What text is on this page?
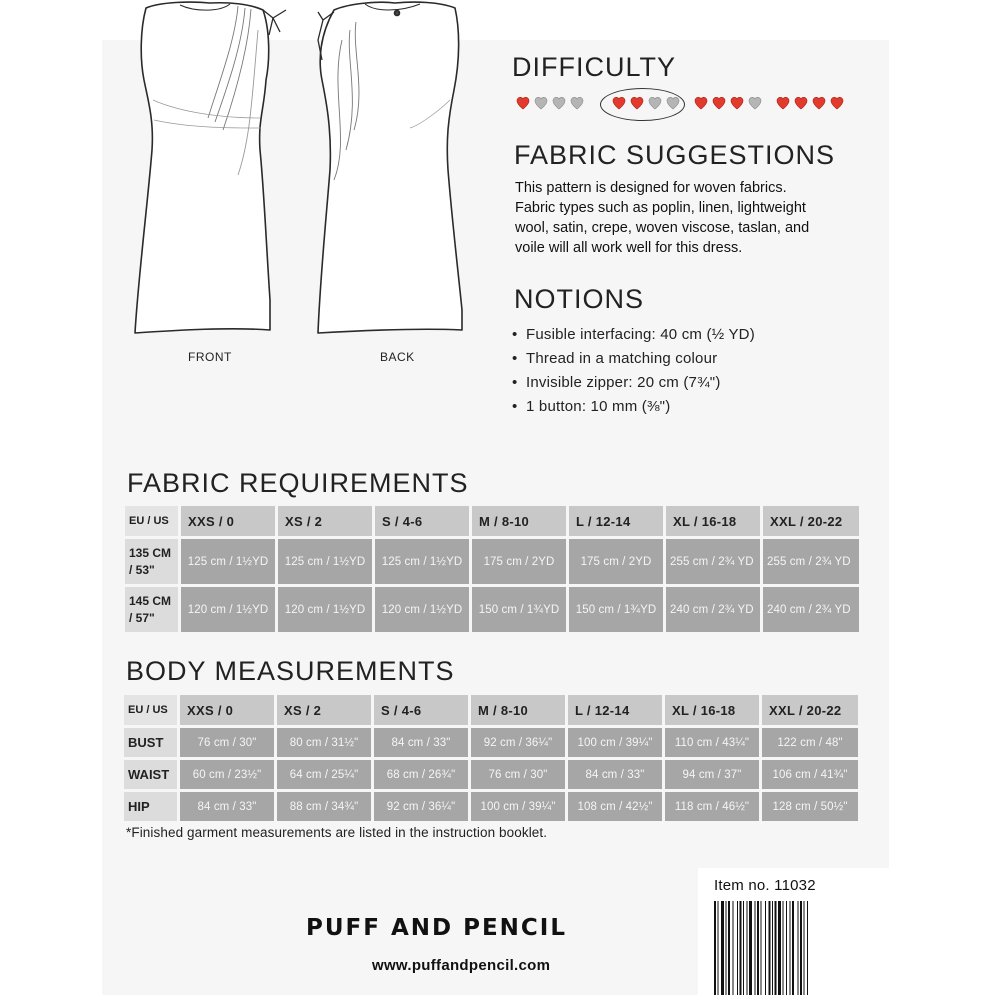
FRONT	BACK
DIFFICULTY
FABRIC SUGGESTIONS
This pattern is designed for woven fabrics.
Fabric types such as poplin, linen, lightweight
wool, satin, crepe, woven viscose, taslan, and
voile will all work well for this dress.
NOTIONS
• Fusible interfacing: 40 cm (½ YD)
• Thread in a matching colour
• Invisible zipper: 20 cm (7¾")
• 1 button: 10 mm (⅜")
FABRIC REQUIREMENTS
EU / US	XXS / 0	XS / 2	S / 4-6	M / 8-10	L / 12-14	XL / 16-18	XXL / 20-22

135 CM
/ 53"	125 cm / 1½YD	125 cm / 1½YD	125 cm / 1½YD	175 cm / 2YD	175 cm / 2YD	255 cm / 2¾ YD	255 cm / 2¾ YD

145 CM
/ 57"	120 cm / 1½YD	120 cm / 1½YD	120 cm / 1½YD	150 cm / 1¾YD	150 cm / 1¾YD	240 cm / 2¾ YD	240 cm / 2¾ YD
BODY MEASUREMENTS
EU / US	XXS / 0	XS / 2	S / 4-6	M / 8-10	L / 12-14	XL / 16-18	XXL / 20-22
BUST	76 cm / 30"	80 cm / 31½"	84 cm / 33"	92 cm / 36¼"	100 cm / 39¼"	110 cm / 43¼"	122 cm / 48"
WAIST	60 cm / 23½"	64 cm / 25¼"	68 cm / 26¾"	76 cm / 30"	84 cm / 33"	94 cm / 37"	106 cm / 41¾"
HIP	84 cm / 33"	88 cm / 34¾"	92 cm / 36¼"	100 cm / 39¼"	108 cm / 42½"	118 cm / 46½"	128 cm / 50½"
*Finished garment measurements are listed in the instruction booklet.
PUFF AND PENCIL
www.puffandpencil.com
Item no. 11032
